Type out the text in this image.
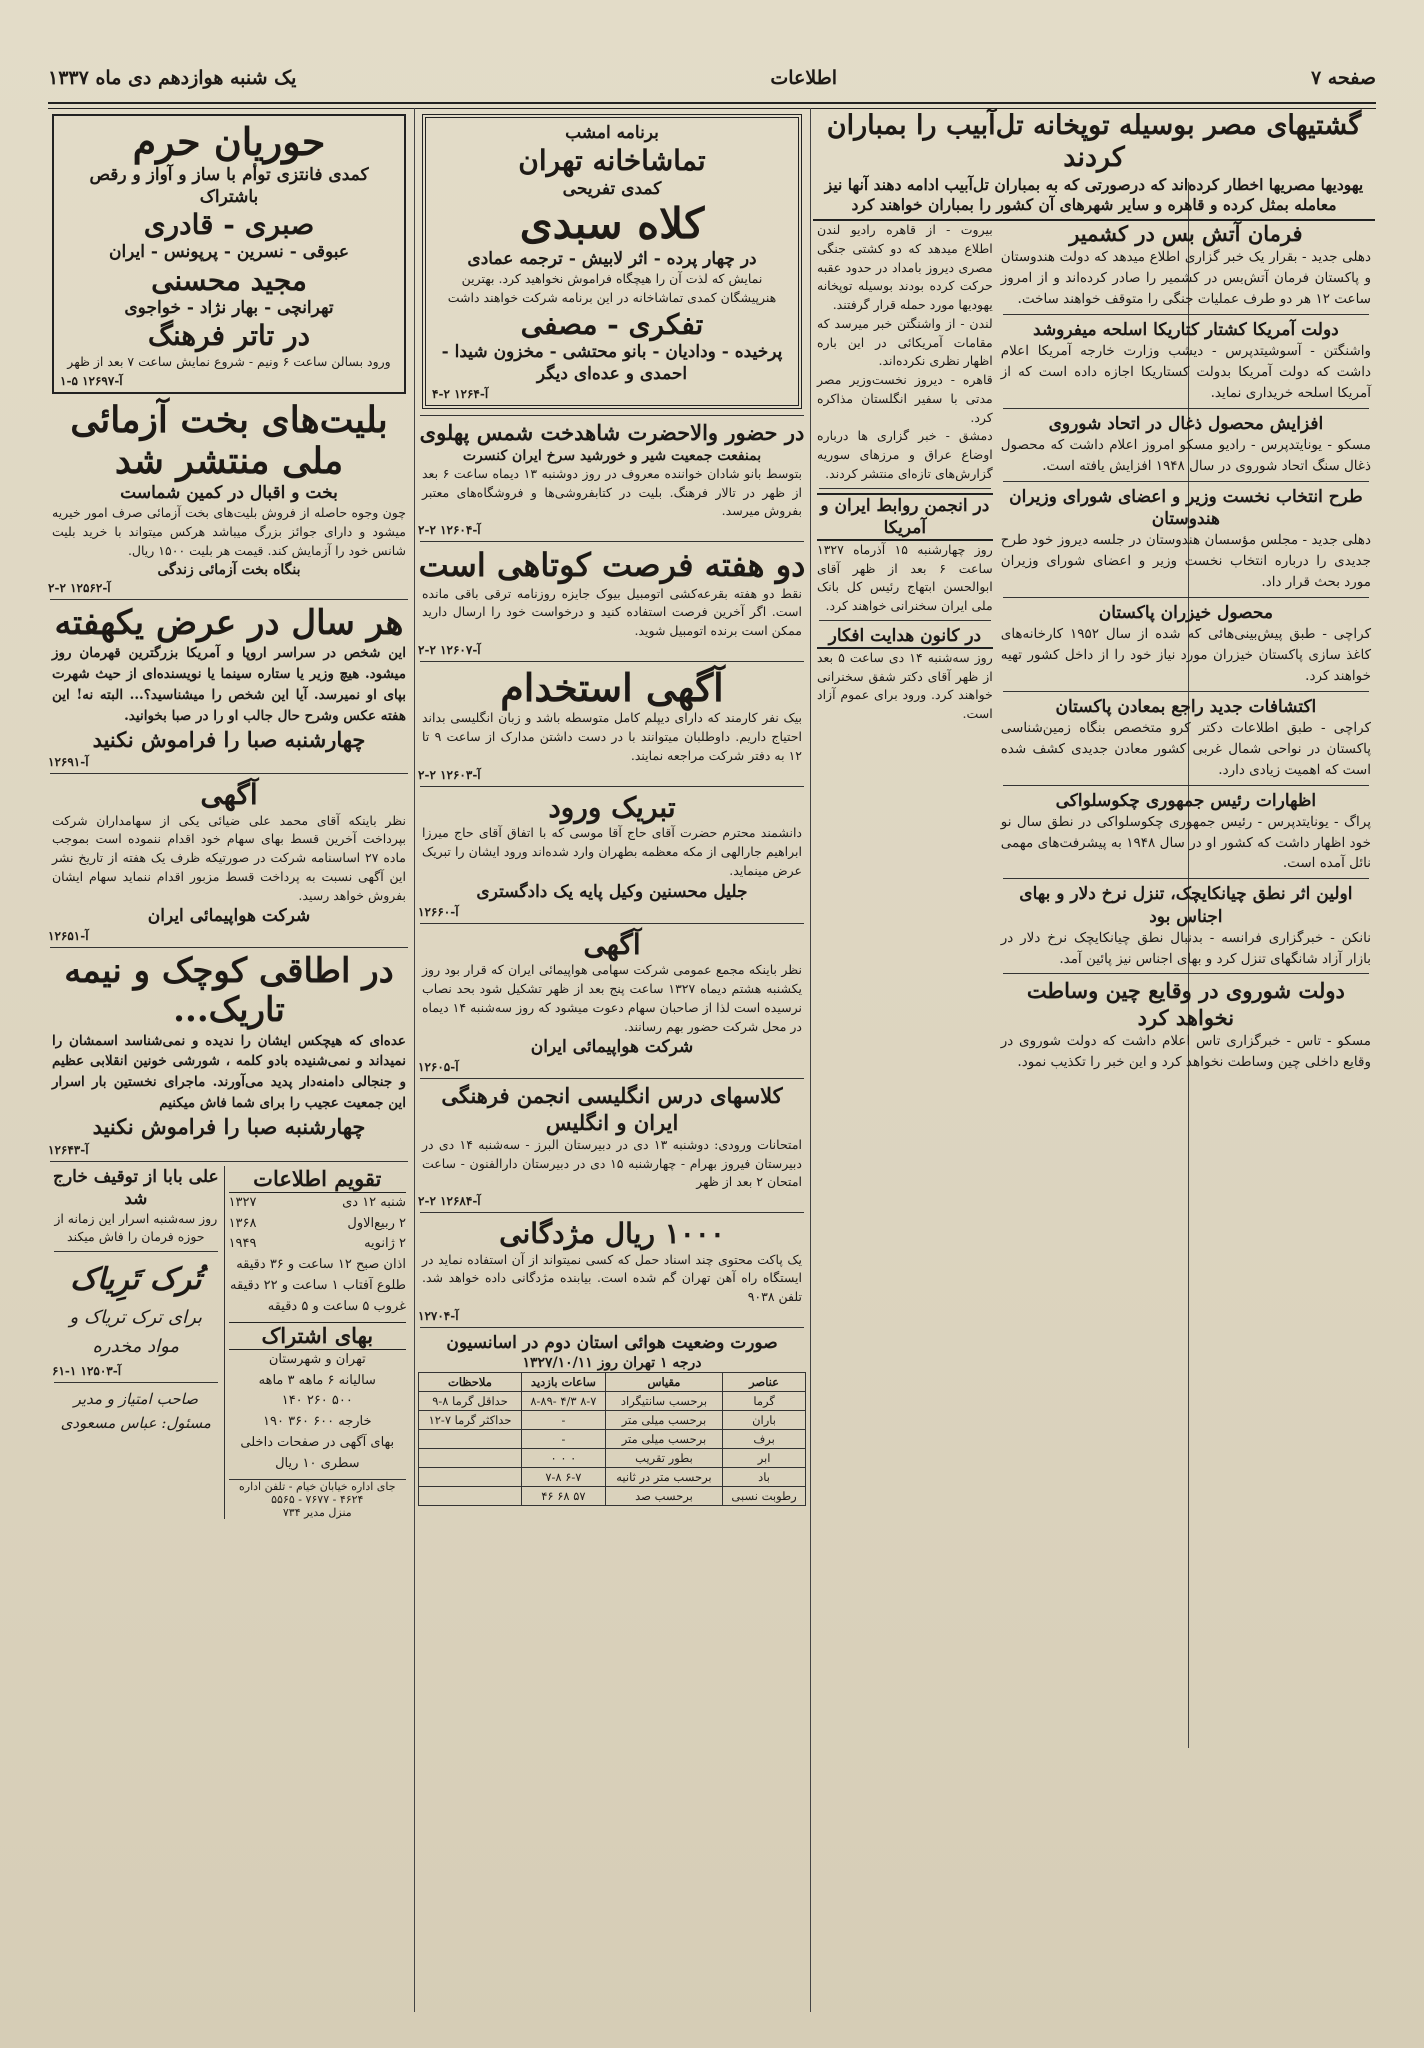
صفحه ۷
اطلاعات
یک شنبه هوازدهم دی ماه ۱۳۳۷
گشتیهای مصر بوسیله توپخانه تل‌آبیب را بمباران کردند
یهودیها مصریها اخطار کرده‌اند که درصورتی که به بمباران تل‌آبیب ادامه دهند آنها نیز معامله بمثل کرده و قاهره و سایر شهرهای آن کشور را بمباران خواهند کرد
فرمان آتش بس در کشمیر
دهلی جدید - بقرار یک خبر گزاری اطلاع میدهد که دولت هندوستان و پاکستان فرمان آتش‌بس در کشمیر را صادر کرده‌اند و از امروز ساعت ۱۲ هر دو طرف عملیات جنگی را متوقف خواهند ساخت.
دولت آمریکا کشتار کتاریکا اسلحه میفروشد
واشنگتن - آسوشیتدپرس - دیشب وزارت خارجه آمریکا اعلام داشت که دولت آمریکا بدولت کستاریکا اجازه داده است که از آمریکا اسلحه خریداری نماید.
افزایش محصول ذغال در اتحاد شوروی
مسکو - یونایتدپرس - رادیو مسکو امروز اعلام داشت که محصول ذغال سنگ اتحاد شوروی در سال ۱۹۴۸ افزایش یافته است.
طرح انتخاب نخست وزیر و اعضای شورای وزیران هندوستان
دهلی جدید - مجلس مؤسسان هندوستان در جلسه دیروز خود طرح جدیدی را درباره انتخاب نخست وزیر و اعضای شورای وزیران مورد بحث قرار داد.
محصول خیزران پاکستان
کراچی - طبق پیش‌بینی‌هائی که شده از سال ۱۹۵۲ کارخانه‌های کاغذ سازی پاکستان خیزران مورد نیاز خود را از داخل کشور تهیه خواهند کرد.
اکتشافات جدید راجع بمعادن پاکستان
کراچی - طبق اطلاعات دکتر کرو متخصص بنگاه زمین‌شناسی پاکستان در نواحی شمال غربی کشور معادن جدیدی کشف شده است که اهمیت زیادی دارد.
اظهارات رئیس جمهوری چکوسلواکی
پراگ - یونایتدپرس - رئیس جمهوری چکوسلواکی در نطق سال نو خود اظهار داشت که کشور او در سال ۱۹۴۸ به پیشرفت‌های مهمی نائل آمده است.
اولین اثر نطق چیانکایچک، تنزل نرخ دلار و بهای اجناس بود
نانکن - خبرگزاری فرانسه - بدنبال نطق چیانکایچک نرخ دلار در بازار آزاد شانگهای تنزل کرد و بهای اجناس نیز پائین آمد.
دولت شوروی در وقایع چین وساطت نخواهد کرد
مسکو - تاس - خبرگزاری تاس اعلام داشت که دولت شوروی در وقایع داخلی چین وساطت نخواهد کرد و این خبر را تکذیب نمود.
بیروت - از قاهره رادیو لندن اطلاع میدهد که دو کشتی جنگی مصری دیروز بامداد در حدود عقبه حرکت کرده بودند بوسیله توپخانه یهودیها مورد حمله قرار گرفتند.
لندن - از واشنگتن خبر میرسد که مقامات آمریکائی در این باره اظهار نظری نکرده‌اند.
قاهره - دیروز نخست‌وزیر مصر مدتی با سفیر انگلستان مذاکره کرد.
دمشق - خبر گزاری ها درباره اوضاع عراق و مرزهای سوریه گزارش‌های تازه‌ای منتشر کردند.
در انجمن روابط ایران و آمریکا
روز چهارشنبه ۱۵ آذرماه ۱۳۲۷ ساعت ۶ بعد از ظهر آقای ابوالحسن ابتهاج رئیس کل بانک ملی ایران سخنرانی خواهند کرد.
در کانون هدایت افکار
روز سه‌شنبه ۱۴ دی ساعت ۵ بعد از ظهر آقای دکتر شفق سخنرانی خواهند کرد. ورود برای عموم آزاد است.
برنامه امشب
تماشاخانه تهران
کمدی تفریحی
کلاه سبدی
در چهار پرده - اثر لابیش - ترجمه عمادی
نمایش که لذت آن را هیچگاه فراموش نخواهید کرد. بهترین هنرپیشگان کمدی تماشاخانه در این برنامه شرکت خواهند داشت
تفکری - مصفی
پرخیده - ودادیان - بانو محتشی - مخزون شیدا - احمدی و عده‌ای دیگر
آ-۱۲۶۴ ۲-۴
در حضور والاحضرت شاهدخت شمس پهلوی
بمنفعت جمعیت شیر و خورشید سرخ ایران کنسرت
بتوسط بانو شادان خواننده معروف در روز دوشنبه ۱۳ دیماه ساعت ۶ بعد از ظهر در تالار فرهنگ. بلیت در کتابفروشی‌ها و فروشگاه‌های معتبر بفروش میرسد.
آ-۱۲۶۰۴ ۲-۲
دو هفته فرصت کوتاهی است
نقط دو هفته بقرعه‌کشی اتومبیل بیوک جایزه روزنامه ترقی باقی مانده است. اگر آخرین فرصت استفاده کنید و درخواست خود را ارسال دارید ممکن است برنده اتومبیل شوید.
آ-۱۲۶۰۷ ۲-۲
آگهی استخدام
بیک نفر کارمند که دارای دیپلم کامل متوسطه باشد و زبان انگلیسی بداند احتیاج داریم. داوطلبان میتوانند با در دست داشتن مدارک از ساعت ۹ تا ۱۲ به دفتر شرکت مراجعه نمایند.
آ-۱۲۶۰۳ ۲-۲
تبریک ورود
دانشمند محترم حضرت آقای حاج آقا موسی که با اتفاق آقای حاج میرزا ابراهیم جارالهی از مکه معظمه بطهران وارد شده‌اند ورود ایشان را تبریک عرض مینماید.
جلیل محسنین وکیل پایه یک دادگستری
آ-۱۲۶۶۰
آگهی
نظر باینکه مجمع عمومی شرکت سهامی هواپیمائی ایران که قرار بود روز یکشنبه هشتم دیماه ۱۳۲۷ ساعت پنج بعد از ظهر تشکیل شود بحد نصاب نرسیده است لذا از صاحبان سهام دعوت میشود که روز سه‌شنبه ۱۴ دیماه در محل شرکت حضور بهم رسانند.
شرکت هواپیمائی ایران
آ-۱۲۶۰۵
کلاسهای درس انگلیسی انجمن فرهنگی ایران و انگلیس
امتحانات ورودی: دوشنبه ۱۳ دی در دبیرستان البرز - سه‌شنبه ۱۴ دی در دبیرستان فیروز بهرام - چهارشنبه ۱۵ دی در دبیرستان دارالفنون - ساعت امتحان ۲ بعد از ظهر
آ-۱۲۶۸۴ ۲-۲
۱۰۰۰ ریال مژدگانی
یک پاکت محتوی چند اسناد حمل که کسی نمیتواند از آن استفاده نماید در ایستگاه راه آهن تهران گم شده است. بیابنده مژدگانی داده خواهد شد. تلفن ۹۰۳۸
آ-۱۲۷۰۴
صورت وضعیت هوائی استان دوم در اسانسیون
درجه ۱ تهران روز ۱۳۲۷/۱۰/۱۱
عناصر	مقیاس	ساعات بازدید	ملاحظات
گرما	برحسب سانتیگراد	۸-۷ ۴/۳ -۸-۸۹	حداقل گرما ۸-۹
باران	برحسب میلی متر	-	حداکثر گرما ۷-۱۲
برف	برحسب میلی متر	-	
ابر	بطور تقریب	۰ ۰ ۰	
باد	برحسب متر در ثانیه	۶-۷ ۷-۸	
رطوبت نسبی	برحسب صد	۵۷ ۶۸ ۴۶	
حوریان حرم
کمدی فانتزی توأم با ساز و آواز و رقص
باشتراک
صبری - قادری
عبوقی - نسرین - پرپونس - ایران
مجید محسنی
تهرانچی - بهار نژاد - خواجوی
در تاتر فرهنگ
ورود بسالن ساعت ۶ ونیم - شروع نمایش ساعت ۷ بعد از ظهر
آ-۱۲۶۹۷ ۵-۱
بلیت‌های بخت آزمائی ملی منتشر شد
بخت و اقبال در کمین شماست
چون وجوه حاصله از فروش بلیت‌های بخت آزمائی صرف امور خیریه میشود و دارای جوائز بزرگ میباشد هرکس میتواند با خرید بلیت شانس خود را آزمایش کند. قیمت هر بلیت ۱۵۰۰ ریال.
بنگاه بخت آزمائی زندگی
آ-۱۲۵۶۲ ۲-۲
هر سال در عرض یکهفته
این شخص در سراسر اروپا و آمریکا بزرگترین قهرمان روز میشود. هیچ وزیر یا ستاره سینما یا نویسنده‌ای از حیث شهرت بپای او نمیرسد. آیا این شخص را میشناسید؟... البته نه! این هفته عکس وشرح حال جالب او را در صبا بخوانید.
چهارشنبه صبا را فراموش نکنید
آ-۱۲۶۹۱
آگهی
نظر باینکه آقای محمد علی ضیائی یکی از سهامداران شرکت بپرداخت آخرین قسط بهای سهام خود اقدام ننموده است بموجب ماده ۲۷ اساسنامه شرکت در صورتیکه ظرف یک هفته از تاریخ نشر این آگهی نسبت به پرداخت قسط مزبور اقدام ننماید سهام ایشان بفروش خواهد رسید.
شرکت هواپیمائی ایران
آ-۱۲۶۵۱
در اطاقی کوچک و نیمه تاریک...
عده‌ای که هیچکس ایشان را ندیده و نمی‌شناسد اسمشان را نمیداند و نمی‌شنیده بادو کلمه ، شورشی خونین انقلابی عظیم و جنجالی دامنه‌دار پدید می‌آورند. ماجرای نخستین بار اسرار این جمعیت عجیب را برای شما فاش میکنیم
چهارشنبه صبا را فراموش نکنید
آ-۱۲۶۴۳
تقویم اطلاعات
شنبه ۱۲ دی
۱۳۲۷
۲ ربیع‌الاول
۱۳۶۸
۲ ژانویه
۱۹۴۹
اذان صبح ۱۲ ساعت و ۳۶ دقیقه
طلوع آفتاب ۱ ساعت و ۲۲ دقیقه
غروب ۵ ساعت و ۵ دقیقه
بهای اشتراک
تهران و شهرستان
سالیانه ۶ ماهه ۳ ماهه
۵۰۰ ۲۶۰ ۱۴۰
خارجه ۶۰۰ ۳۶۰ ۱۹۰
بهای آگهی در صفحات داخلی
سطری ۱۰ ریال
جای اداره خیابان خیام - تلفن اداره ۴۶۲۴ - ۷۶۷۷ - ۵۵۶۵
منزل مدیر ۷۳۴
علی بابا از توقیف خارج شد
روز سه‌شنبه اسرار این زمانه از حوزه فرمان را فاش میکند
تُرک تَرِیاک
برای ترک تریاک و مواد مخدره
آ-۱۲۵۰۳ ۱-۶۱
صاحب امتیاز و مدیر مسئول: عباس مسعودی
